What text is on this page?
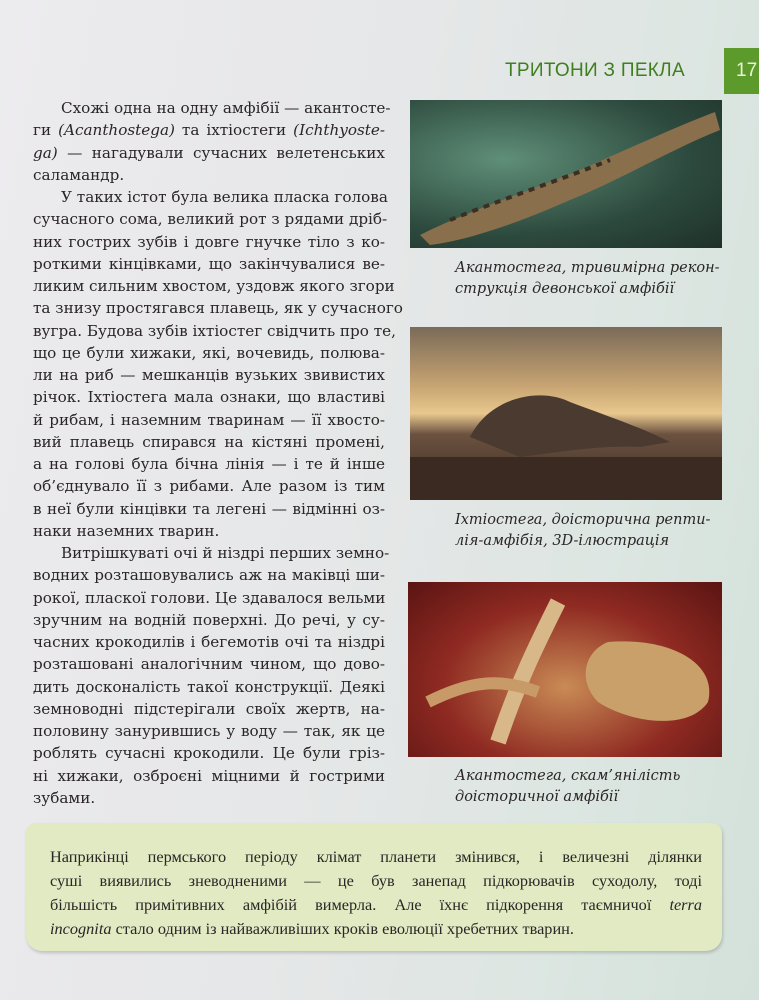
ТРИТОНИ З ПЕКЛА	17
Схожі одна на одну амфібії — акантосте-
ги (Acanthostega) та іхтіостеги (Ichthyoste-
ga) — нагадували сучасних велетенських
саламандр.
У таких істот була велика пласка голова
сучасного сома, великий рот з рядами дріб-
них гострих зубів і довге гнучке тіло з ко-
роткими кінцівками, що закінчувалися ве-
ликим сильним хвостом, уздовж якого згори
та знизу простягався плавець, як у сучасного
вугра. Будова зубів іхтіостег свідчить про те,
що це були хижаки, які, вочевидь, полюва-
ли на риб — мешканців вузьких звивистих
річок. Іхтіостега мала ознаки, що властиві
й рибам, і наземним тваринам — її хвосто-
вий плавець спирався на кістяні промені,
а на голові була бічна лінія — і те й інше
об’єднувало її з рибами. Але разом із тим
в неї були кінцівки та легені — відмінні оз-
наки наземних тварин.
Витрішкуваті очі й ніздрі перших земно-
водних розташовувались аж на маківці ши-
рокої, пласкої голови. Це здавалося вельми
зручним на водній поверхні. До речі, у су-
часних крокодилів і бегемотів очі та ніздрі
розташовані аналогічним чином, що дово-
дить досконалість такої конструкції. Деякі
земноводні підстерігали своїх жертв, на-
половину занурившись у воду — так, як це
роблять сучасні крокодили. Це були гріз-
ні хижаки, озброєні міцними й гострими
зубами.
Акантостега, тривимірна рекон-
струкція девонської амфібії
Іхтіостега, доісторична репти-
лія-амфібія, 3D-ілюстрація
Акантостега, скам’янілість
доісторичної амфібії
Наприкінці пермського періоду клімат планети змінився, і величезні ділянки
суші виявились зневодненими — це був занепад підкорювачів суходолу, тоді
більшість примітивних амфібій вимерла. Але їхнє підкорення таємничої terra
incognita стало одним із найважливіших кроків еволюції хребетних тварин.
